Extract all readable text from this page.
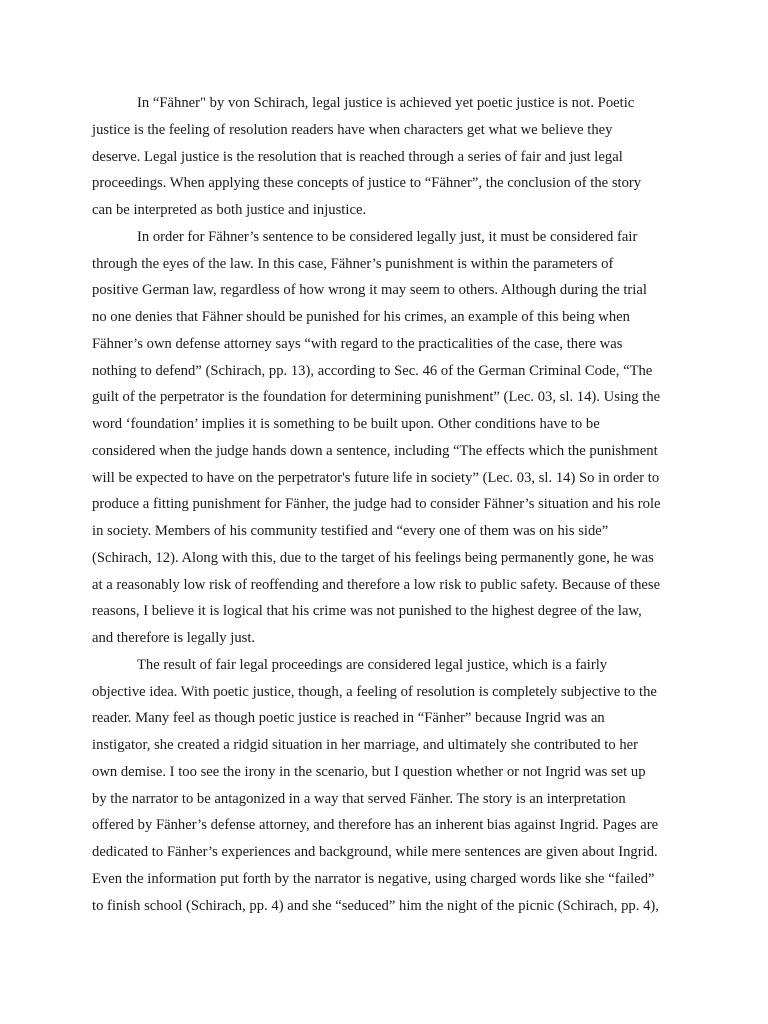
In “Fähner" by von Schirach, legal justice is achieved yet poetic justice is not. Poetic
justice is the feeling of resolution readers have when characters get what we believe they
deserve. Legal justice is the resolution that is reached through a series of fair and just legal
proceedings. When applying these concepts of justice to “Fähner”, the conclusion of the story
can be interpreted as both justice and injustice.
In order for Fähner’s sentence to be considered legally just, it must be considered fair
through the eyes of the law. In this case, Fähner’s punishment is within the parameters of
positive German law, regardless of how wrong it may seem to others. Although during the trial
no one denies that Fähner should be punished for his crimes, an example of this being when
Fähner’s own defense attorney says “with regard to the practicalities of the case, there was
nothing to defend” (Schirach, pp. 13), according to Sec. 46 of the German Criminal Code, “The
guilt of the perpetrator is the foundation for determining punishment” (Lec. 03, sl. 14). Using the
word ‘foundation’ implies it is something to be built upon. Other conditions have to be
considered when the judge hands down a sentence, including “The effects which the punishment
will be expected to have on the perpetrator's future life in society” (Lec. 03, sl. 14) So in order to
produce a fitting punishment for Fänher, the judge had to consider Fähner’s situation and his role
in society. Members of his community testified and “every one of them was on his side”
(Schirach, 12). Along with this, due to the target of his feelings being permanently gone, he was
at a reasonably low risk of reoffending and therefore a low risk to public safety. Because of these
reasons, I believe it is logical that his crime was not punished to the highest degree of the law,
and therefore is legally just.
The result of fair legal proceedings are considered legal justice, which is a fairly
objective idea. With poetic justice, though, a feeling of resolution is completely subjective to the
reader. Many feel as though poetic justice is reached in “Fänher” because Ingrid was an
instigator, she created a ridgid situation in her marriage, and ultimately she contributed to her
own demise. I too see the irony in the scenario, but I question whether or not Ingrid was set up
by the narrator to be antagonized in a way that served Fänher. The story is an interpretation
offered by Fänher’s defense attorney, and therefore has an inherent bias against Ingrid. Pages are
dedicated to Fänher’s experiences and background, while mere sentences are given about Ingrid.
Even the information put forth by the narrator is negative, using charged words like she “failed”
to finish school (Schirach, pp. 4) and she “seduced” him the night of the picnic (Schirach, pp. 4),
